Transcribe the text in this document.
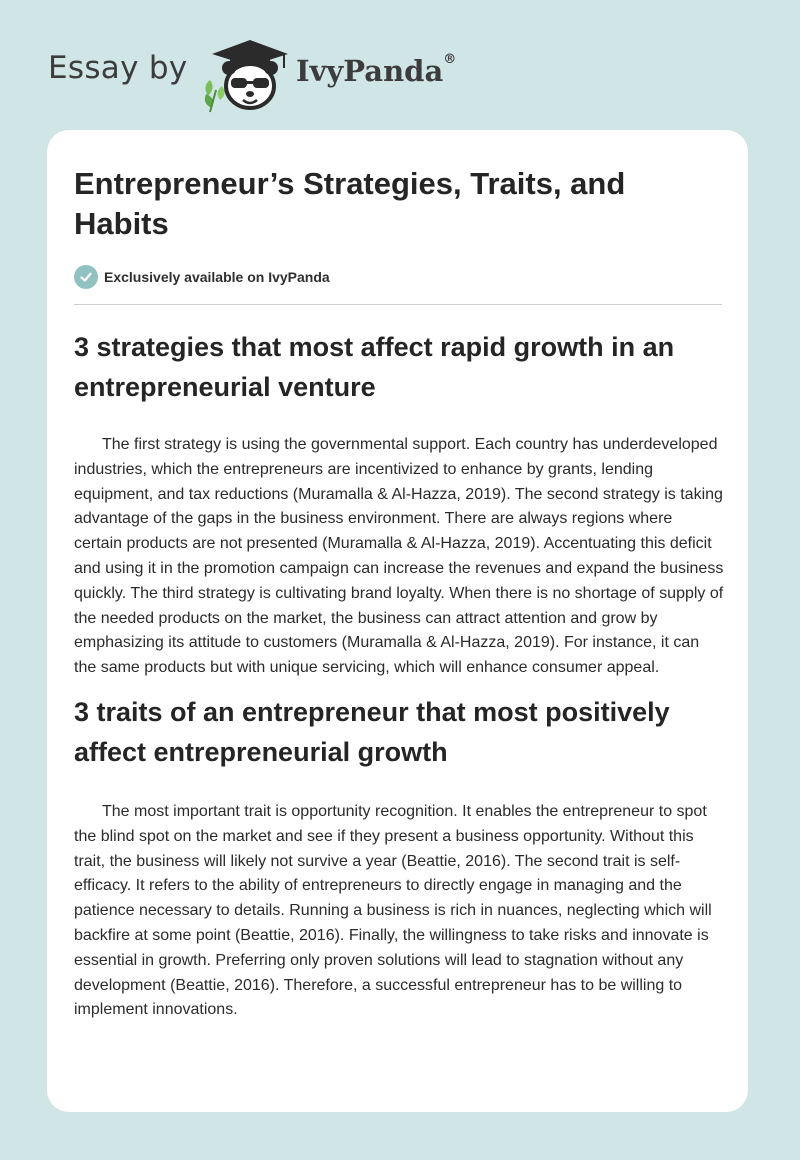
Essay by	IvyPanda®
Entrepreneur’s Strategies, Traits, and Habits
Exclusively available on IvyPanda
3 strategies that most affect rapid growth in an entrepreneurial venture

The first strategy is using the governmental support. Each country has underdeveloped industries, which the entrepreneurs are incentivized to enhance by grants, lending equipment, and tax reductions (Muramalla & Al-Hazza, 2019). The second strategy is taking advantage of the gaps in the business environment. There are always regions where certain products are not presented (Muramalla & Al-Hazza, 2019). Accentuating this deficit and using it in the promotion campaign can increase the revenues and expand the business quickly. The third strategy is cultivating brand loyalty. When there is no shortage of supply of the needed products on the market, the business can attract attention and grow by emphasizing its attitude to customers (Muramalla & Al-Hazza, 2019). For instance, it can the same products but with unique servicing, which will enhance consumer appeal.

3 traits of an entrepreneur that most positively affect entrepreneurial growth

The most important trait is opportunity recognition. It enables the entrepreneur to spot the blind spot on the market and see if they present a business opportunity. Without this trait, the business will likely not survive a year (Beattie, 2016). The second trait is self-efficacy. It refers to the ability of entrepreneurs to directly engage in managing and the patience necessary to details. Running a business is rich in nuances, neglecting which will backfire at some point (Beattie, 2016). Finally, the willingness to take risks and innovate is essential in growth. Preferring only proven solutions will lead to stagnation without any development (Beattie, 2016). Therefore, a successful entrepreneur has to be willing to implement innovations.
